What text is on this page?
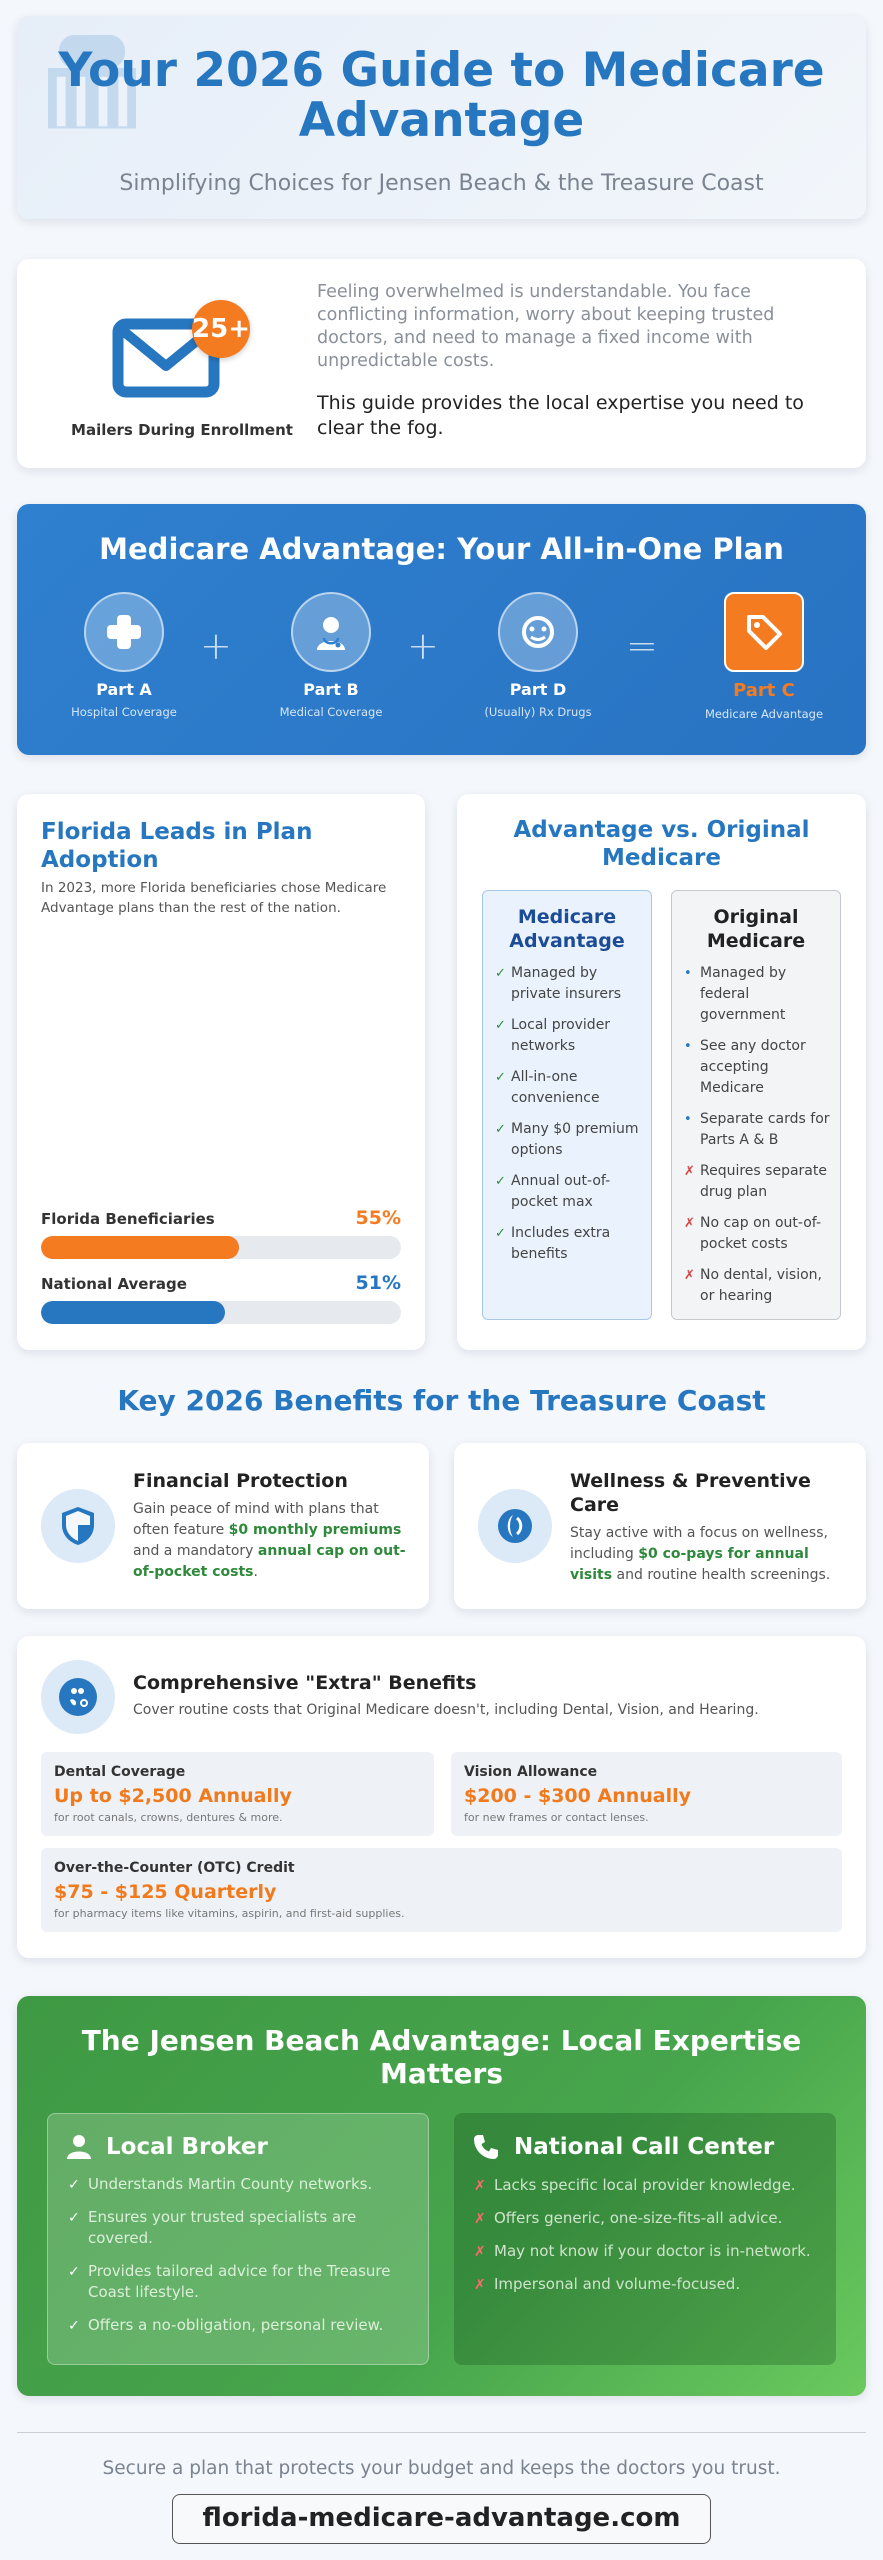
Your 2026 Guide to Medicare Advantage
Simplifying Choices for Jensen Beach & the Treasure Coast
25+
Mailers During Enrollment
Feeling overwhelmed is understandable. You face conflicting information, worry about keeping trusted doctors, and need to manage a fixed income with unpredictable costs.
This guide provides the local expertise you need to clear the fog.
Medicare Advantage: Your All-in-One Plan
Part A
Hospital Coverage
+
Part B
Medical Coverage
+
Part D
(Usually) Rx Drugs
=
Part C
Medicare Advantage
Florida Leads in Plan Adoption
In 2023, more Florida beneficiaries chose Medicare Advantage plans than the rest of the nation.
Florida Beneficiaries	55%
National Average	51%
Advantage vs. Original Medicare
Medicare Advantage
✓ Managed by private insurers
✓ Local provider networks
✓ All-in-one convenience
✓ Many $0 premium options
✓ Annual out-of-pocket max
✓ Includes extra benefits
Original Medicare
• Managed by federal government
• See any doctor accepting Medicare
• Separate cards for Parts A & B
✗ Requires separate drug plan
✗ No cap on out-of-pocket costs
✗ No dental, vision, or hearing
Key 2026 Benefits for the Treasure Coast
Financial Protection
Gain peace of mind with plans that often feature $0 monthly premiums and a mandatory annual cap on out-of-pocket costs.
Wellness & Preventive Care
Stay active with a focus on wellness, including $0 co-pays for annual visits and routine health screenings.
Comprehensive "Extra" Benefits
Cover routine costs that Original Medicare doesn't, including Dental, Vision, and Hearing.
Dental Coverage
Up to $2,500 Annually
for root canals, crowns, dentures & more.
Vision Allowance
$200 - $300 Annually
for new frames or contact lenses.
Over-the-Counter (OTC) Credit
$75 - $125 Quarterly
for pharmacy items like vitamins, aspirin, and first-aid supplies.
The Jensen Beach Advantage: Local Expertise Matters
Local Broker
✓ Understands Martin County networks.
✓ Ensures your trusted specialists are covered.
✓ Provides tailored advice for the Treasure Coast lifestyle.
✓ Offers a no-obligation, personal review.
National Call Center
✗ Lacks specific local provider knowledge.
✗ Offers generic, one-size-fits-all advice.
✗ May not know if your doctor is in-network.
✗ Impersonal and volume-focused.
Secure a plan that protects your budget and keeps the doctors you trust.
florida-medicare-advantage.com
